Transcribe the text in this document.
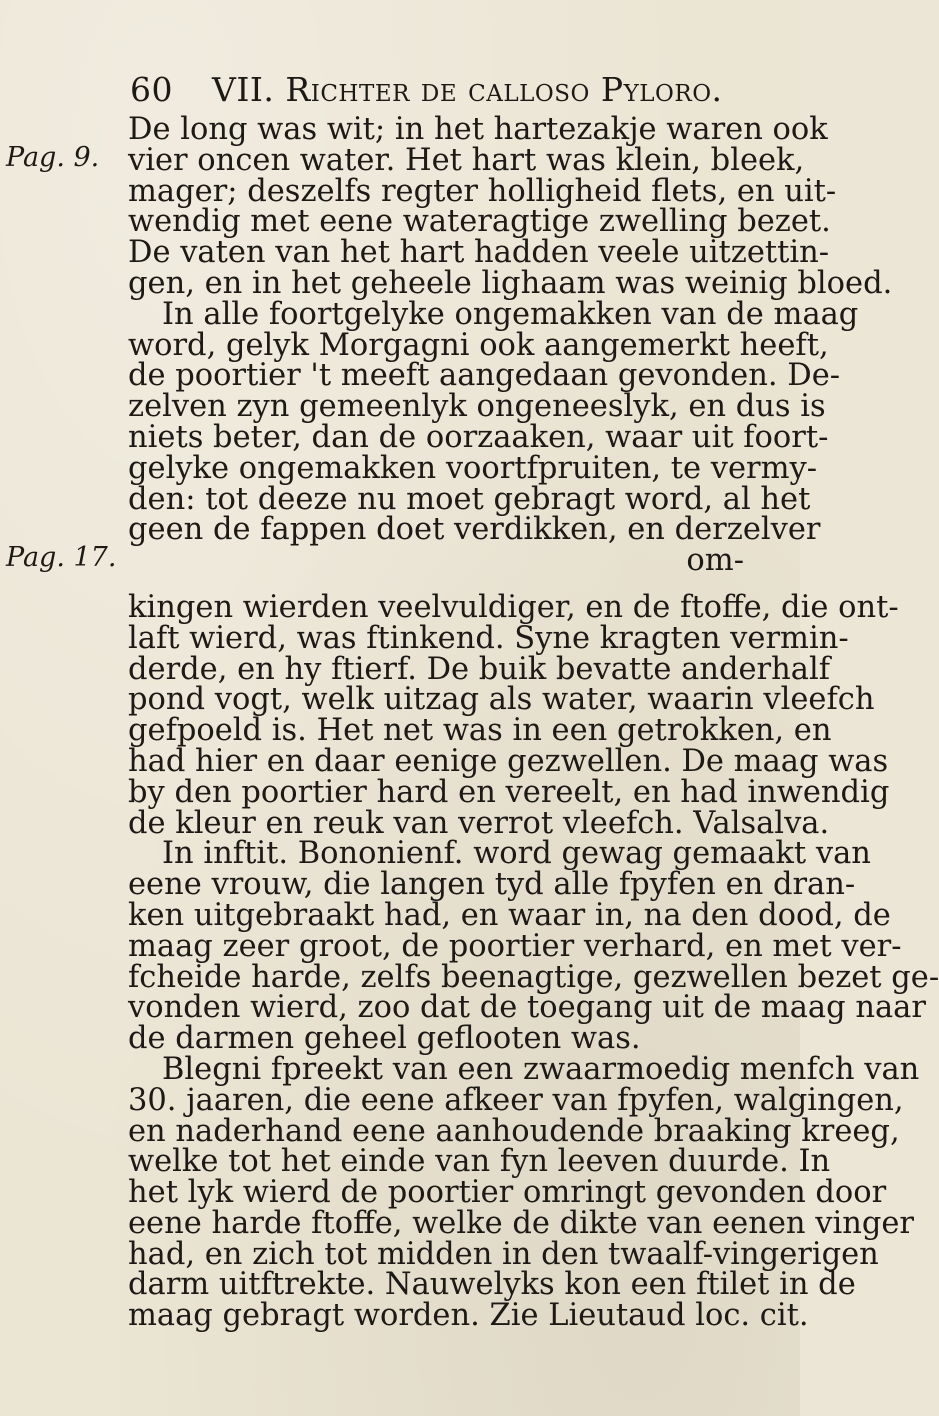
60 VII. Richter de calloso Pyloro.
Pag. 9.
Pag. 17.
De long was wit; in het hartezakje waren ook
vier oncen water. Het hart was klein, bleek,
mager; deszelfs regter holligheid flets, en uit-
wendig met eene wateragtige zwelling bezet.
De vaten van het hart hadden veele uitzettin-
gen, en in het geheele lighaam was weinig bloed.
In alle foortgelyke ongemakken van de maag
word, gelyk Morgagni ook aangemerkt heeft,
de poortier 't meeft aangedaan gevonden. De-
zelven zyn gemeenlyk ongeneeslyk, en dus is
niets beter, dan de oorzaaken, waar uit foort-
gelyke ongemakken voortfpruiten, te vermy-
den: tot deeze nu moet gebragt word, al het
geen de fappen doet verdikken, en derzelver
om-
kingen wierden veelvuldiger, en de ftoffe, die ont-
laft wierd, was ftinkend. Syne kragten vermin-
derde, en hy ftierf. De buik bevatte anderhalf
pond vogt, welk uitzag als water, waarin vleefch
gefpoeld is. Het net was in een getrokken, en
had hier en daar eenige gezwellen. De maag was
by den poortier hard en vereelt, en had inwendig
de kleur en reuk van verrot vleefch. Valsalva.
In inftit. Bononienf. word gewag gemaakt van
eene vrouw, die langen tyd alle fpyfen en dran-
ken uitgebraakt had, en waar in, na den dood, de
maag zeer groot, de poortier verhard, en met ver-
fcheide harde, zelfs beenagtige, gezwellen bezet ge-
vonden wierd, zoo dat de toegang uit de maag naar
de darmen geheel geflooten was.
Blegni fpreekt van een zwaarmoedig menfch van
30. jaaren, die eene afkeer van fpyfen, walgingen,
en naderhand eene aanhoudende braaking kreeg,
welke tot het einde van fyn leeven duurde. In
het lyk wierd de poortier omringt gevonden door
eene harde ftoffe, welke de dikte van eenen vinger
had, en zich tot midden in den twaalf-vingerigen
darm uitftrekte. Nauwelyks kon een ftilet in de
maag gebragt worden. Zie Lieutaud loc. cit.
